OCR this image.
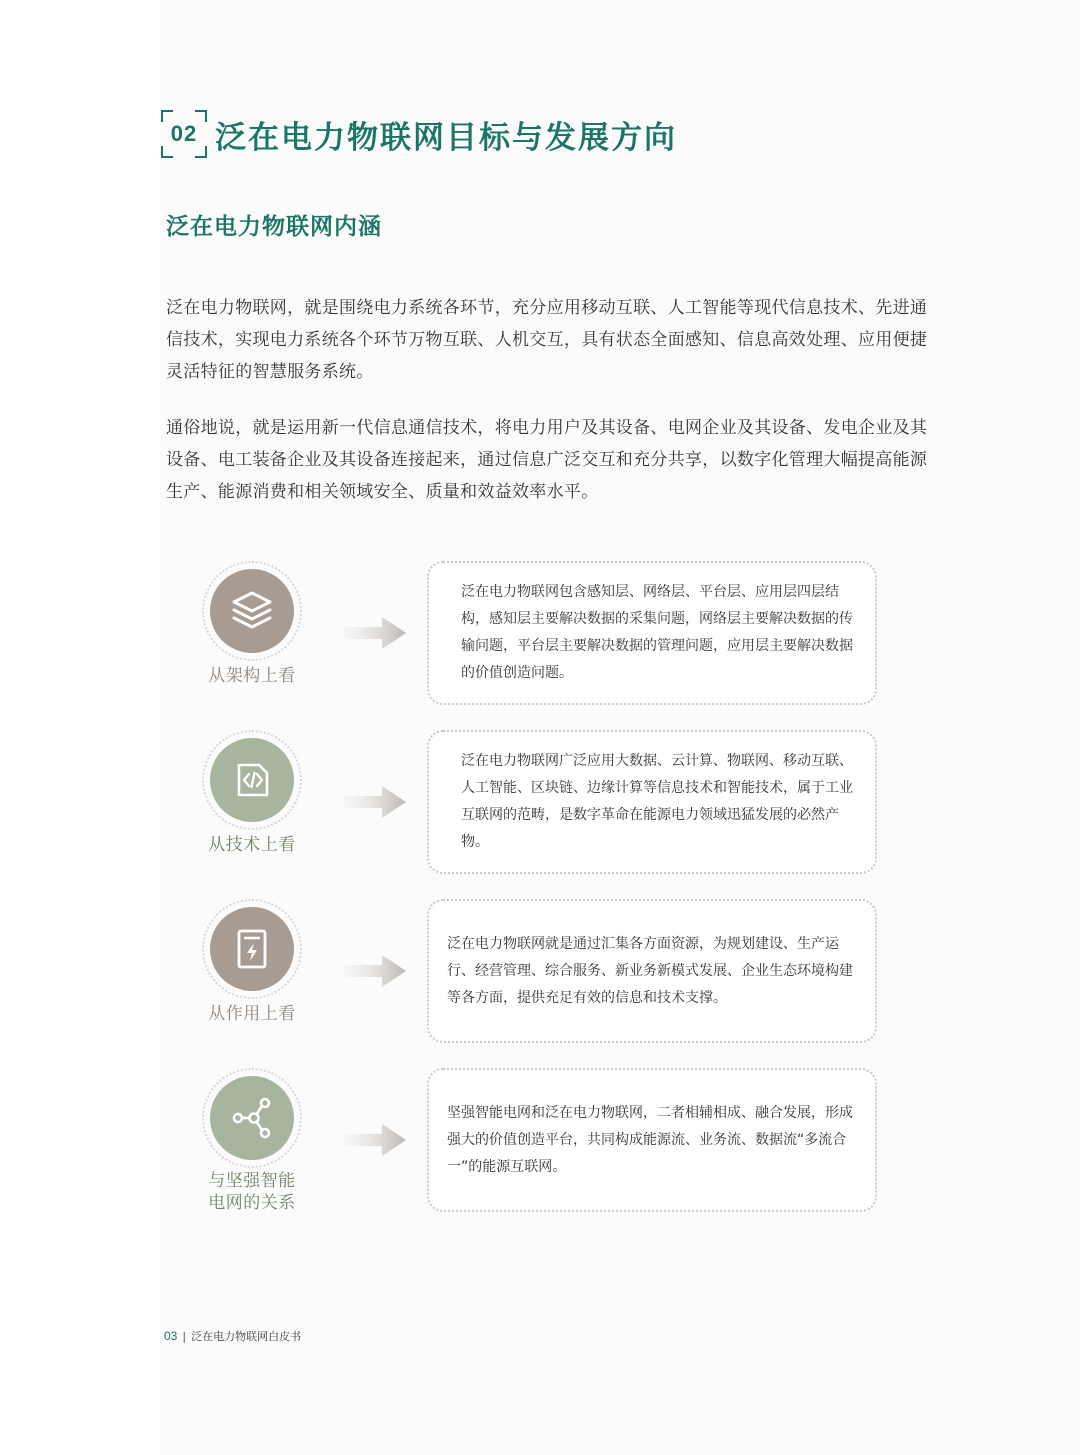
02 泛在电力物联网目标与发展方向
泛在电力物联网内涵

泛在电力物联网，就是围绕电力系统各环节，充分应用移动互联、人工智能等现代信息技术、先进通信技术，实现电力系统各个环节万物互联、人机交互，具有状态全面感知、信息高效处理、应用便捷灵活特征的智慧服务系统。

通俗地说，就是运用新一代信息通信技术，将电力用户及其设备、电网企业及其设备、发电企业及其设备、电工装备企业及其设备连接起来，通过信息广泛交互和充分共享，以数字化管理大幅提高能源生产、能源消费和相关领域安全、质量和效益效率水平。

从架构上看

泛在电力物联网包含感知层、网络层、平台层、应用层四层结构，感知层主要解决数据的采集问题，网络层主要解决数据的传输问题，平台层主要解决数据的管理问题，应用层主要解决数据的价值创造问题。

从技术上看

泛在电力物联网广泛应用大数据、云计算、物联网、移动互联、人工智能、区块链、边缘计算等信息技术和智能技术，属于工业互联网的范畴，是数字革命在能源电力领域迅猛发展的必然产物。

从作用上看

泛在电力物联网就是通过汇集各方面资源，为规划建设、生产运行、经营管理、综合服务、新业务新模式发展、企业生态环境构建等各方面，提供充足有效的信息和技术支撑。

与坚强智能
电网的关系

坚强智能电网和泛在电力物联网，二者相辅相成、融合发展，形成强大的价值创造平台，共同构成能源流、业务流、数据流“多流合一”的能源互联网。

03 | 泛在电力物联网白皮书
